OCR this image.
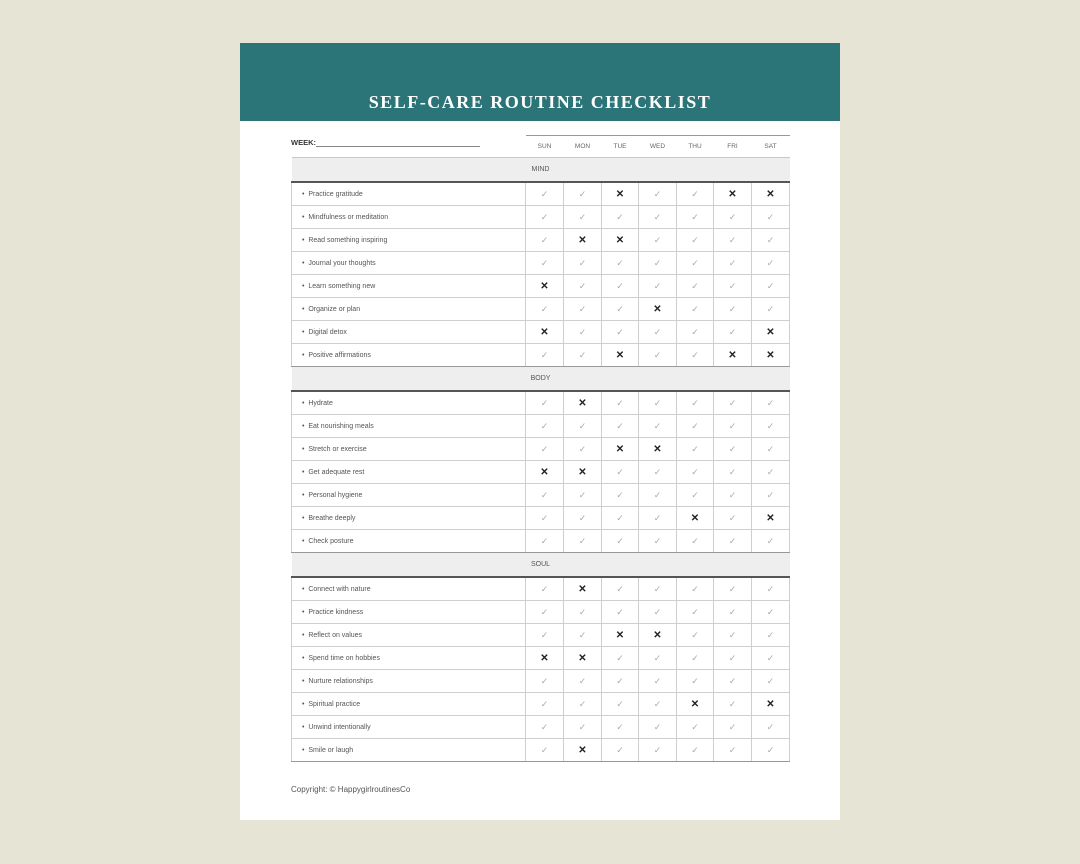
SELF-CARE ROUTINE CHECKLIST
	SUN	MON	TUE	WED	THU	FRI	SAT
MIND							
•  Practice gratitude	✓	✓	✕	✓	✓	✕	✕
•  Mindfulness or meditation	✓	✓	✓	✓	✓	✓	✓
•  Read something inspiring	✓	✕	✕	✓	✓	✓	✓
•  Journal your thoughts	✓	✓	✓	✓	✓	✓	✓
•  Learn something new	✕	✓	✓	✓	✓	✓	✓
•  Organize or plan	✓	✓	✓	✕	✓	✓	✓
•  Digital detox	✕	✓	✓	✓	✓	✓	✕
•  Positive affirmations	✓	✓	✕	✓	✓	✕	✕
BODY							
•  Hydrate	✓	✕	✓	✓	✓	✓	✓
•  Eat nourishing meals	✓	✓	✓	✓	✓	✓	✓
•  Stretch or exercise	✓	✓	✕	✕	✓	✓	✓
•  Get adequate rest	✕	✕	✓	✓	✓	✓	✓
•  Personal hygiene	✓	✓	✓	✓	✓	✓	✓
•  Breathe deeply	✓	✓	✓	✓	✕	✓	✕
•  Check posture	✓	✓	✓	✓	✓	✓	✓
SOUL							
•  Connect with nature	✓	✕	✓	✓	✓	✓	✓
•  Practice kindness	✓	✓	✓	✓	✓	✓	✓
•  Reflect on values	✓	✓	✕	✕	✓	✓	✓
•  Spend time on hobbies	✕	✕	✓	✓	✓	✓	✓
•  Nurture relationships	✓	✓	✓	✓	✓	✓	✓
•  Spiritual practice	✓	✓	✓	✓	✕	✓	✕
•  Unwind intentionally	✓	✓	✓	✓	✓	✓	✓
•  Smile or laugh	✓	✕	✓	✓	✓	✓	✓
WEEK:
Copyright: © HappygirlroutinesCo
